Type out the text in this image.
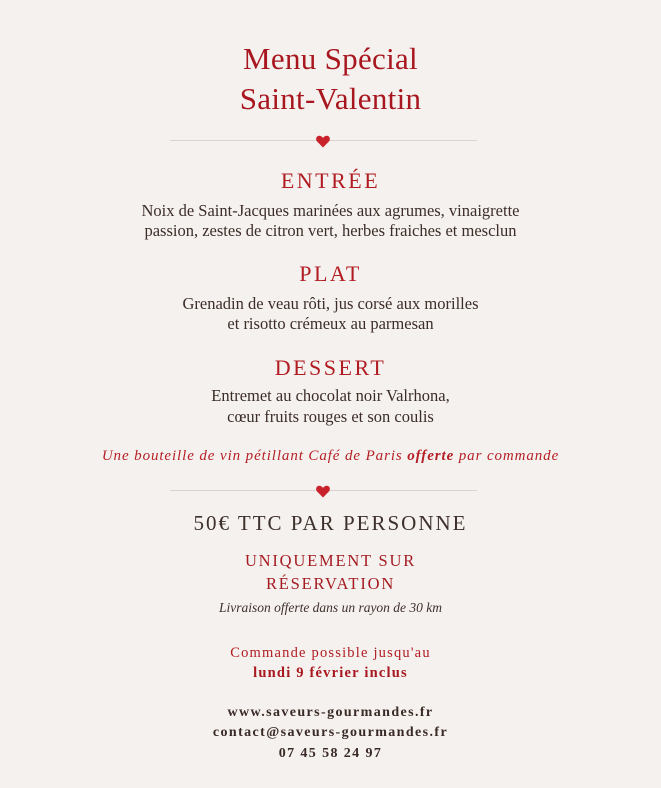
Menu Spécial
Saint-Valentin
ENTRÉE
Noix de Saint-Jacques marinées aux agrumes, vinaigrette
passion, zestes de citron vert, herbes fraiches et mesclun
PLAT
Grenadin de veau rôti, jus corsé aux morilles
et risotto crémeux au parmesan
DESSERT
Entremet au chocolat noir Valrhona,
cœur fruits rouges et son coulis
Une bouteille de vin pétillant Café de Paris offerte par commande
50€ TTC PAR PERSONNE
UNIQUEMENT SUR
RÉSERVATION
Livraison offerte dans un rayon de 30 km
Commande possible jusqu'au
lundi 9 février inclus
www.saveurs-gourmandes.fr
contact@saveurs-gourmandes.fr
07 45 58 24 97
